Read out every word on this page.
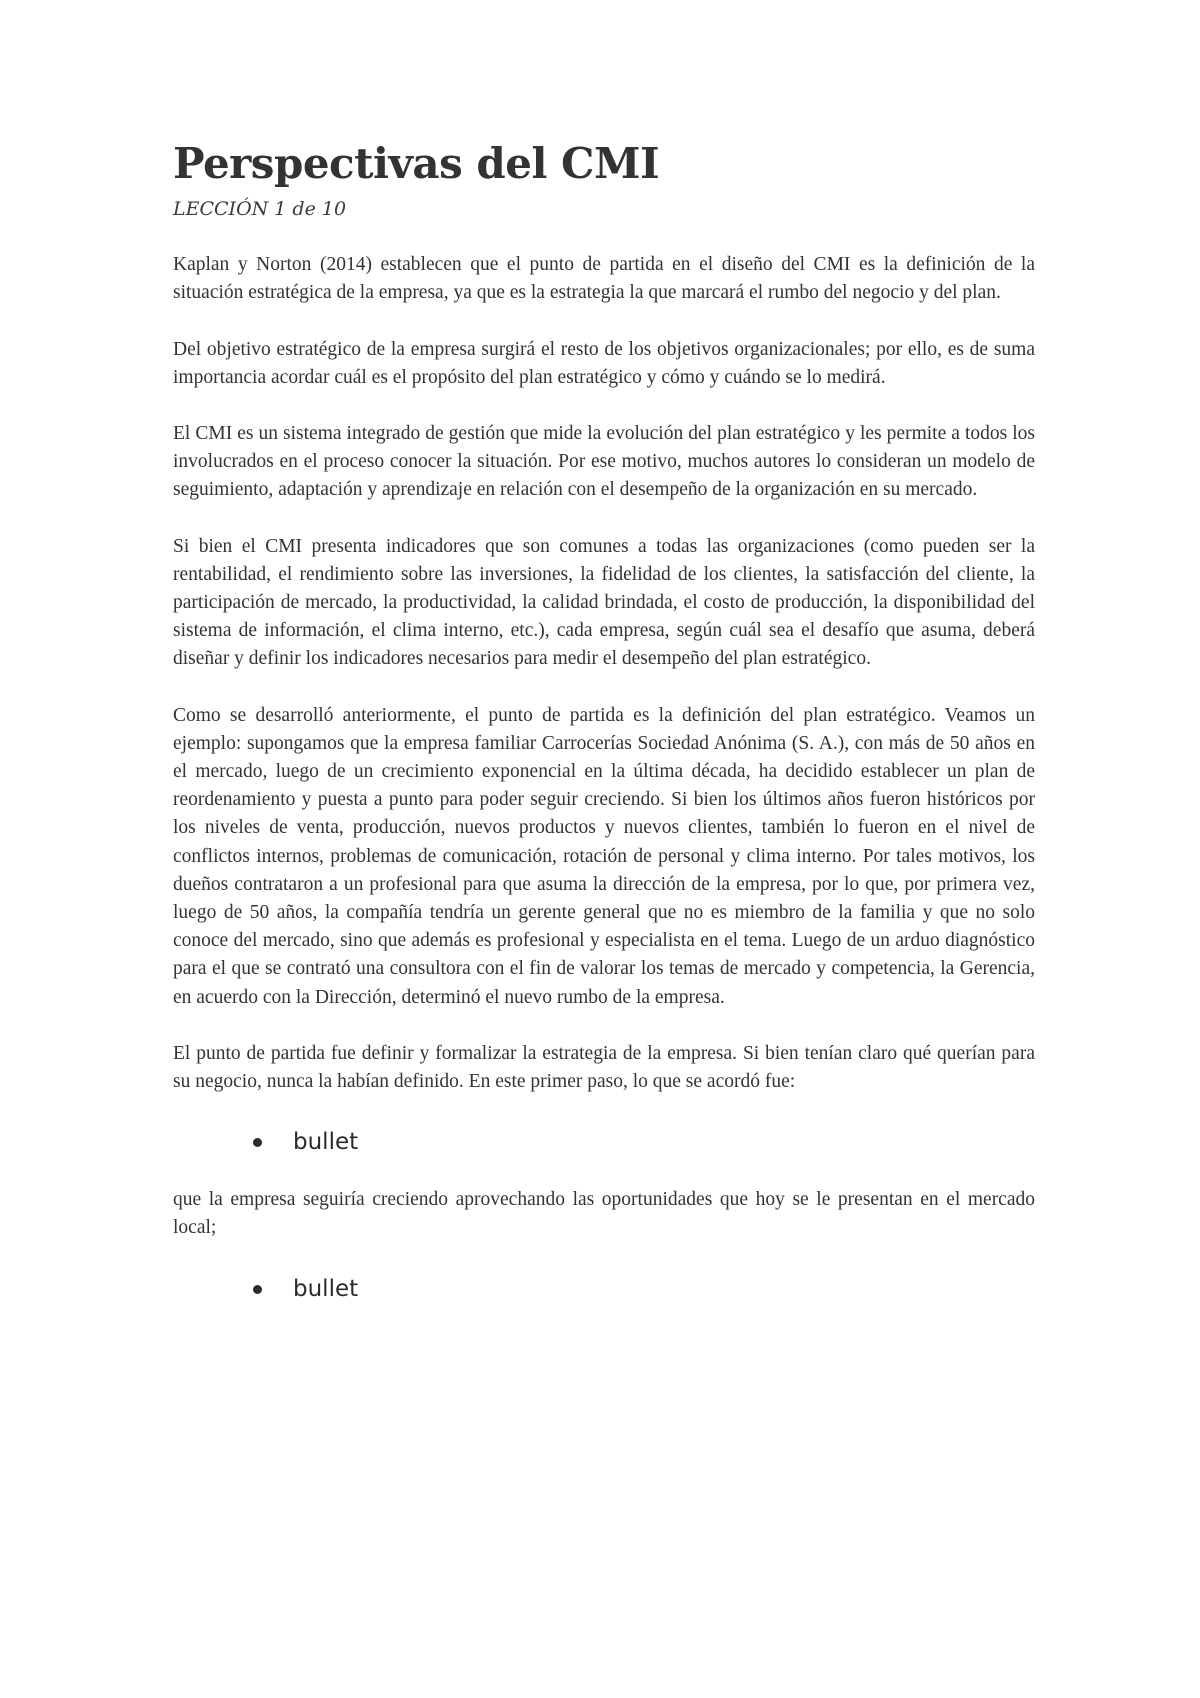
Perspectivas del CMI
LECCIÓN 1 de 10

Kaplan y Norton (2014) establecen que el punto de partida en el diseño del CMI es la definición de la situación estratégica de la empresa, ya que es la estrategia la que marcará el rumbo del negocio y del plan.

Del objetivo estratégico de la empresa surgirá el resto de los objetivos organizacionales; por ello, es de suma importancia acordar cuál es el propósito del plan estratégico y cómo y cuándo se lo medirá.

El CMI es un sistema integrado de gestión que mide la evolución del plan estratégico y les permite a todos los involucrados en el proceso conocer la situación. Por ese motivo, muchos autores lo consideran un modelo de seguimiento, adaptación y aprendizaje en relación con el desempeño de la organización en su mercado.

Si bien el CMI presenta indicadores que son comunes a todas las organizaciones (como pueden ser la rentabilidad, el rendimiento sobre las inversiones, la fidelidad de los clientes, la satisfacción del cliente, la participación de mercado, la productividad, la calidad brindada, el costo de producción, la disponibilidad del sistema de información, el clima interno, etc.), cada empresa, según cuál sea el desafío que asuma, deberá diseñar y definir los indicadores necesarios para medir el desempeño del plan estratégico.

Como se desarrolló anteriormente, el punto de partida es la definición del plan estratégico. Veamos un ejemplo: supongamos que la empresa familiar Carrocerías Sociedad Anónima (S. A.), con más de 50 años en el mercado, luego de un crecimiento exponencial en la última década, ha decidido establecer un plan de reordenamiento y puesta a punto para poder seguir creciendo. Si bien los últimos años fueron históricos por los niveles de venta, producción, nuevos productos y nuevos clientes, también lo fueron en el nivel de conflictos internos, problemas de comunicación, rotación de personal y clima interno. Por tales motivos, los dueños contrataron a un profesional para que asuma la dirección de la empresa, por lo que, por primera vez, luego de 50 años, la compañía tendría un gerente general que no es miembro de la familia y que no solo conoce del mercado, sino que además es profesional y especialista en el tema. Luego de un arduo diagnóstico para el que se contrató una consultora con el fin de valorar los temas de mercado y competencia, la Gerencia, en acuerdo con la Dirección, determinó el nuevo rumbo de la empresa.

El punto de partida fue definir y formalizar la estrategia de la empresa. Si bien tenían claro qué querían para su negocio, nunca la habían definido. En este primer paso, lo que se acordó fue:

bullet

que la empresa seguiría creciendo aprovechando las oportunidades que hoy se le presentan en el mercado local;

bullet
